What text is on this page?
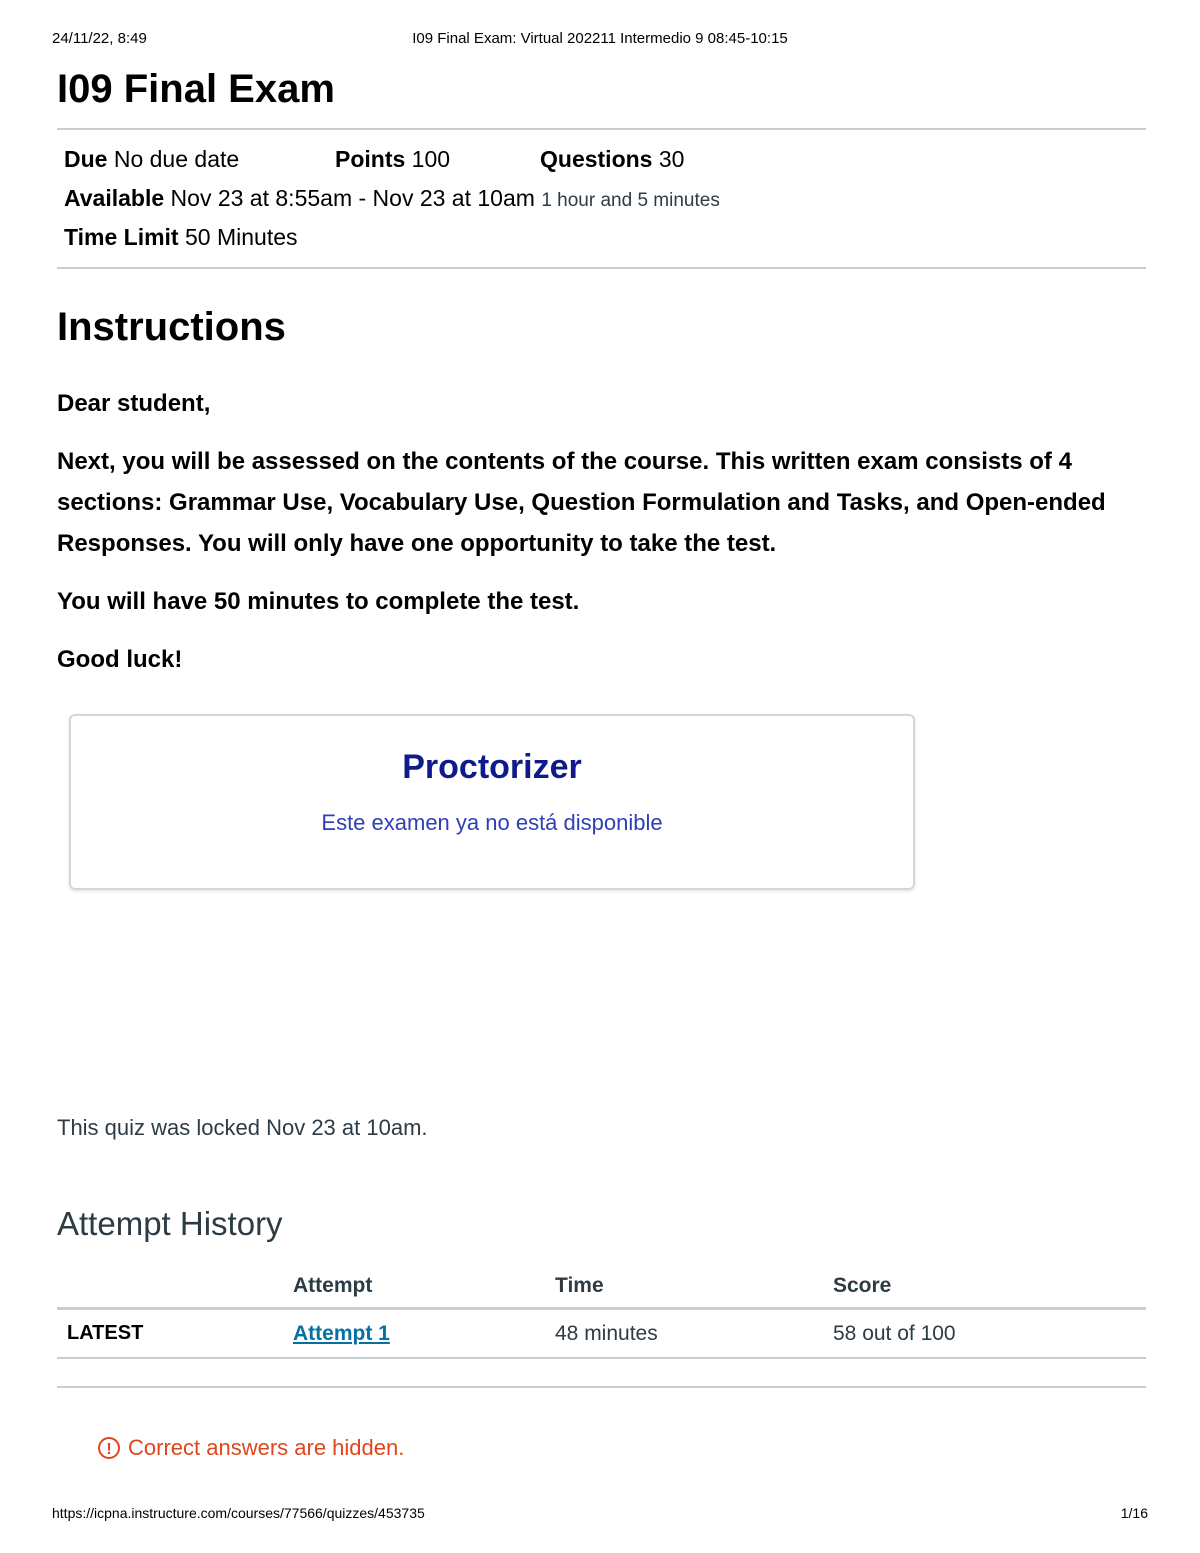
24/11/22, 8:49	I09 Final Exam: Virtual 202211 Intermedio 9 08:45-10:15
I09 Final Exam
Due No due date	Points 100	Questions 30
Available Nov 23 at 8:55am - Nov 23 at 10am 1 hour and 5 minutes
Time Limit 50 Minutes
Instructions

Dear student,

Next, you will be assessed on the contents of the course. This written exam consists of 4 sections: Grammar Use, Vocabulary Use, Question Formulation and Tasks, and Open-ended Responses. You will only have one opportunity to take the test.

You will have 50 minutes to complete the test.

Good luck!

Proctorizer
Este examen ya no está disponible
This quiz was locked Nov 23 at 10am.
Attempt History
	Attempt	Time	Score
LATEST	Attempt 1	48 minutes	58 out of 100
! Correct answers are hidden.
https://icpna.instructure.com/courses/77566/quizzes/453735	1/16
